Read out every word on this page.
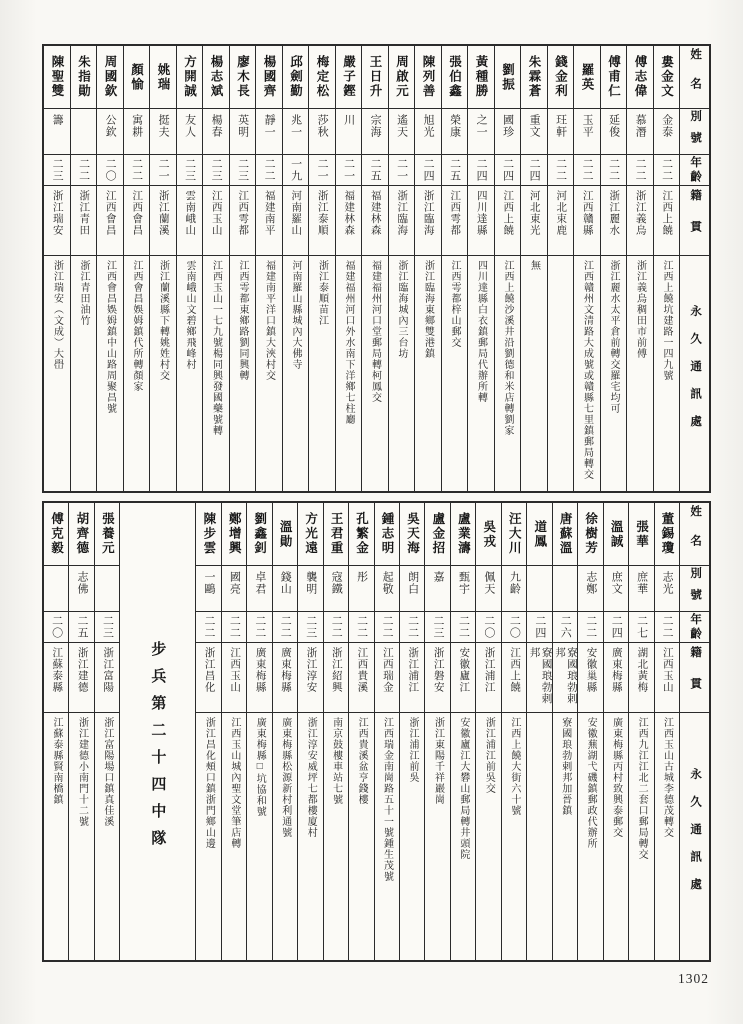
姓名
別號
年齡
籍貫
永久通訊處
婁金文
金泰
二二
江西上饒
江西上饒坑建路一四九號
傅志偉
慕潛
二二
浙江義烏
浙江義烏稠田市前傅
傅甫仁
延俊
二二
浙江麗水
浙江麗水太平倉前轉交羅宅均可
羅英
玉平
二二
江西贛縣
江西贛州文清路大成號或贛縣七里鎮郵局轉交
錢金利
玨軒
二二
河北束鹿
朱霖蒼
重文
二四
河北東光
無
劉振
國珍
二四
江西上饒
江西上饒沙溪井沿劉德和米店轉劉家
黃種勝
之一
二四
四川達縣
四川達縣白衣鎮郵局代辦所轉
張伯鑫
榮康
二五
江西雩都
江西雩都梓山郵交
陳列善
旭光
二四
浙江臨海
浙江臨海東鄉雙港鎮
周啟元
遙天
二一
浙江臨海
浙江臨海城內三台坊
王日升
宗海
二五
福建林森
福建福州河口堂郵局轉柯鳳交
嚴子鏗
川
二一
福建林森
福建福州河口外水南下洋鄉七柱廳
梅定松
莎秋
二一
浙江泰順
浙江泰順苗江
邱劍勤
兆一
一九
河南羅山
河南羅山縣城內大佛寺
楊國齊
靜一
二二
福建南平
福建南平洋口鎮大浹村交
廖木長
英明
二三
江西雩都
江西雩都東鄉路劉同興轉
楊志斌
楊春
二三
江西玉山
江西玉山一七九號楊同興發國藥號轉
方開誠
友人
二三
雲南峨山
雲南峨山文碧鄉飛峰村
姚瑞
挺夫
二一
浙江蘭溪
浙江蘭溪縣下轉姚姓村交
顏愉
寓耕
二二
江西會昌
江西會昌娛姆鎮代所轉顏家
周國欽
公欽
二〇
江西會昌
江西會昌娛姆鎮中山路周聚昌號
朱指勛
二二
浙江青田
浙江青田油竹
陳聖雙
籌
二三
浙江瑞安
浙江瑞安（文成）大嶨
姓名
別號
年齡
籍貫
永久通訊處
董錫瓊
志光
二二
江西玉山
江西玉山古城李德茂轉交
張華
庶華
二七
湖北黃梅
江西九江江北二套口郵局轉交
溫誠
庶文
二四
廣東梅縣
廣東梅縣丙村致興泰郵交
徐樹芳
志鄭
二二
安徽巢縣
安徽蕪湖弋磯鎮郵政代辦所
唐蘇溫
二六
寮國琅勃剌邦
寮國琅勃剌邦加晉鎮
道鳳
二四
寮國琅勃剌邦
汪大川
九齡
二〇
江西上饒
江西上饒大街六十號
吳戎
佩天
二〇
浙江浦江
浙江浦江前吳交
盧業濤
甄宇
二二
安徽廬江
安徽廬江大礬山郵局轉井頭院
盧金招
嘉
二三
浙江磐安
浙江東陽千祥巖崗
吳天海
朗白
二二
浙江浦江
浙江浦江前吳
鍾志明
起敬
二二
江西瑞金
江西瑞金南崗路五十一號鍾生茂號
孔繁金
彤
二二
江西貴溪
江西貴溪盆亨錢樓
王君重
寇鐵
二二
浙江紹興
南京鼓樓車站七號
方光遠
襲明
二三
浙江淳安
浙江淳安威坪七都樓廈村
溫勛
錢山
二二
廣東梅縣
廣東梅縣松源新村利通號
劉鑫釗
卓君
二二
廣東梅縣
廣東梅縣□坑協和號
鄭增興
國亮
二二
江西玉山
江西玉山城內聖文堂筆店轉
陳步雲
一鷗
二二
浙江昌化
浙江昌化頰口鎮浙門鄉山邊
步兵第二十四中隊
張養元
二三
浙江富陽
浙江富陽場口鎮真佳溪
胡齊德
志佛
二五
浙江建德
浙江建德小南門十二號
傅克毅
二〇
江蘇泰縣
江蘇泰縣賢南橋鎮
1302
